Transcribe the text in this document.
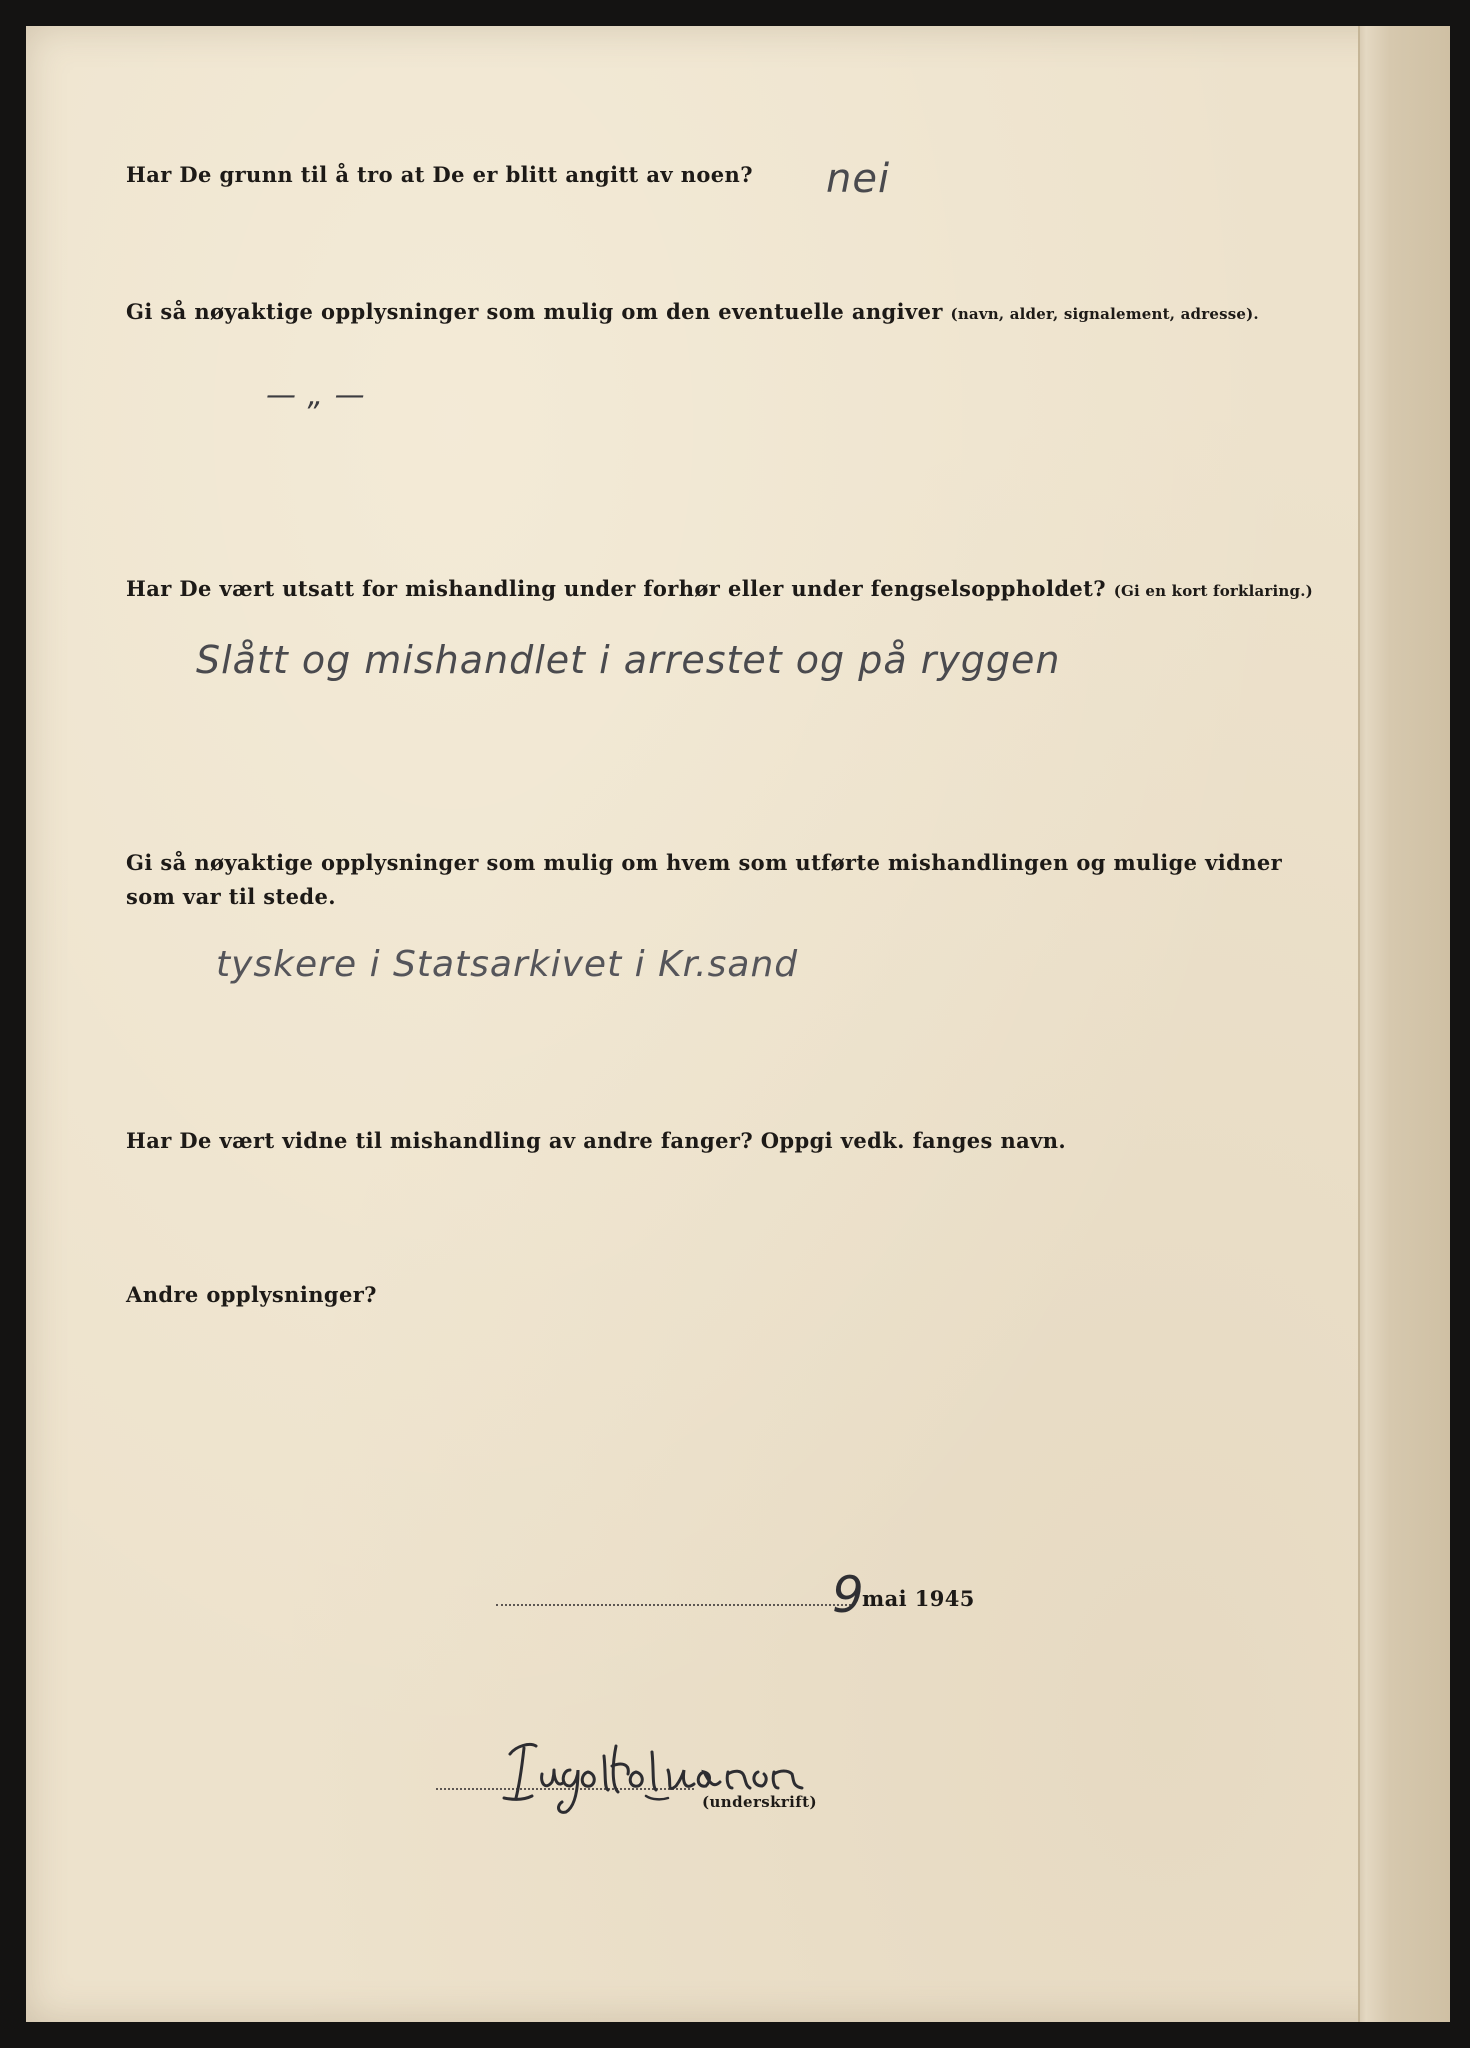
Har De grunn til å tro at De er blitt angitt av noen? nei
Gi så nøyaktige opplysninger som mulig om den eventuelle angiver (navn, alder, signalement, adresse).
— „ —
Har De vært utsatt for mishandling under forhør eller under fengselsoppholdet? (Gi en kort forklaring.)
Slått og mishandlet i arrestet og på ryggen
Gi så nøyaktige opplysninger som mulig om hvem som utførte mishandlingen og mulige vidner
som var til stede.
tyskere i Statsarkivet i Kr.sand
Har De vært vidne til mishandling av andre fanger? Oppgi vedk. fanges navn.
Andre opplysninger?
9
mai 1945
(underskrift)
